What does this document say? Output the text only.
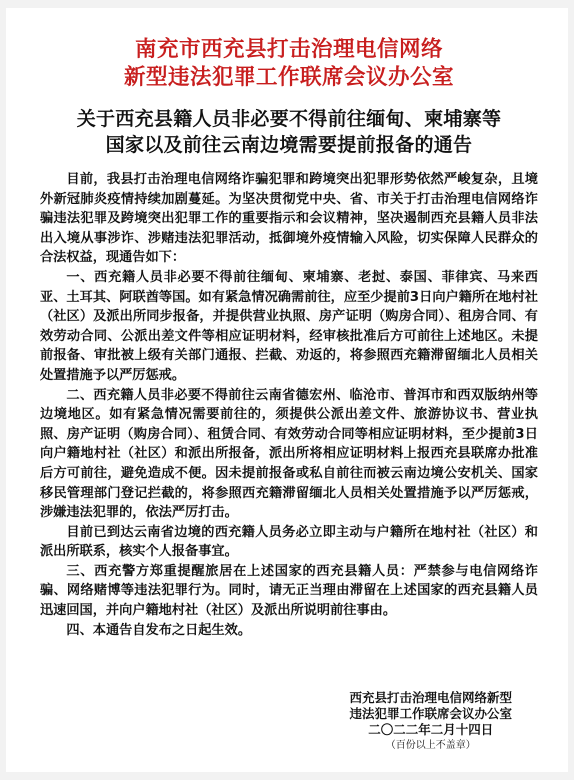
南充市西充县打击治理电信网络
新型违法犯罪工作联席会议办公室
关于西充县籍人员非必要不得前往缅甸、柬埔寨等
国家以及前往云南边境需要提前报备的通告

目前，我县打击治理电信网络诈骗犯罪和跨境突出犯罪形势依然严峻复杂，且境外新冠肺炎疫情持续加剧蔓延。为坚决贯彻党中央、省、市关于打击治理电信网络诈骗违法犯罪及跨境突出犯罪工作的重要指示和会议精神，坚决遏制西充县籍人员非法出入境从事涉诈、涉赌违法犯罪活动，抵御境外疫情输入风险，切实保障人民群众的合法权益，现通告如下：

一、西充籍人员非必要不得前往缅甸、柬埔寨、老挝、泰国、菲律宾、马来西亚、土耳其、阿联酋等国。如有紧急情况确需前往，应至少提前3日向户籍所在地村社（社区）及派出所同步报备，并提供营业执照、房产证明（购房合同）、租房合同、有效劳动合同、公派出差文件等相应证明材料，经审核批准后方可前往上述地区。未提前报备、审批被上级有关部门通报、拦截、劝返的，将参照西充籍滞留缅北人员相关处置措施予以严厉惩戒。

二、西充籍人员非必要不得前往云南省德宏州、临沧市、普洱市和西双版纳州等边境地区。如有紧急情况需要前往的，须提供公派出差文件、旅游协议书、营业执照、房产证明（购房合同）、租赁合同、有效劳动合同等相应证明材料，至少提前3日向户籍地村社（社区）和派出所报备，派出所将相应证明材料上报西充县联席办批准后方可前往，避免造成不便。因未提前报备或私自前往而被云南边境公安机关、国家移民管理部门登记拦截的，将参照西充籍滞留缅北人员相关处置措施予以严厉惩戒，涉嫌违法犯罪的，依法严厉打击。

目前已到达云南省边境的西充籍人员务必立即主动与户籍所在地村社（社区）和派出所联系，核实个人报备事宜。

三、西充警方郑重提醒旅居在上述国家的西充县籍人员：严禁参与电信网络诈骗、网络赌博等违法犯罪行为。同时，请无正当理由滞留在上述国家的西充县籍人员迅速回国，并向户籍地村社（社区）及派出所说明前往事由。

四、本通告自发布之日起生效。

西充县打击治理电信网络新型
违法犯罪工作联席会议办公室
二〇二二年二月十四日
（百份以上不盖章）
